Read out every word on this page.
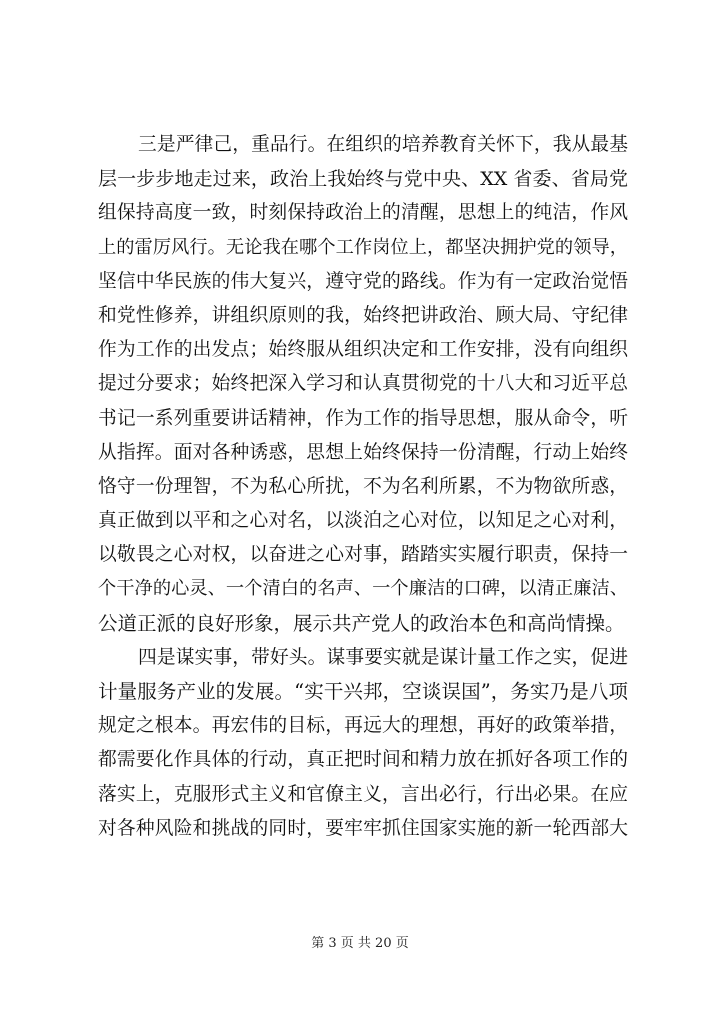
三是严律己，重品行。在组织的培养教育关怀下，我从最基
层一步步地走过来，政治上我始终与党中央、XX 省委、省局党
组保持高度一致，时刻保持政治上的清醒，思想上的纯洁，作风
上的雷厉风行。无论我在哪个工作岗位上，都坚决拥护党的领导，
坚信中华民族的伟大复兴，遵守党的路线。作为有一定政治觉悟
和党性修养，讲组织原则的我，始终把讲政治、顾大局、守纪律
作为工作的出发点；始终服从组织决定和工作安排，没有向组织
提过分要求；始终把深入学习和认真贯彻党的十八大和习近平总
书记一系列重要讲话精神，作为工作的指导思想，服从命令，听
从指挥。面对各种诱惑，思想上始终保持一份清醒，行动上始终
恪守一份理智，不为私心所扰，不为名利所累，不为物欲所惑，
真正做到以平和之心对名，以淡泊之心对位，以知足之心对利，
以敬畏之心对权，以奋进之心对事，踏踏实实履行职责，保持一
个干净的心灵、一个清白的名声、一个廉洁的口碑，以清正廉洁、
公道正派的良好形象，展示共产党人的政治本色和高尚情操。
四是谋实事，带好头。谋事要实就是谋计量工作之实，促进
计量服务产业的发展。“实干兴邦，空谈误国”，务实乃是八项
规定之根本。再宏伟的目标，再远大的理想，再好的政策举措，
都需要化作具体的行动，真正把时间和精力放在抓好各项工作的
落实上，克服形式主义和官僚主义，言出必行，行出必果。在应
对各种风险和挑战的同时，要牢牢抓住国家实施的新一轮西部大
第 3 页 共 20 页
